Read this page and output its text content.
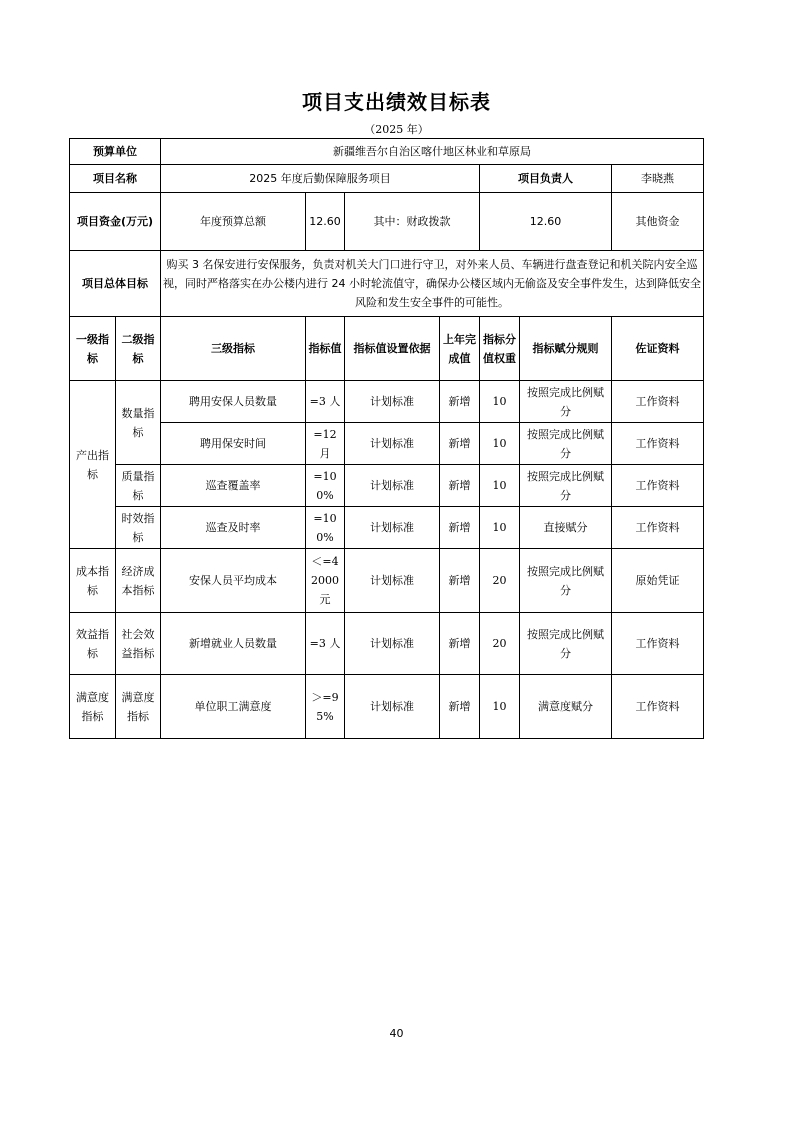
项目支出绩效目标表
（2025 年）
预算单位		新疆维吾尔自治区喀什地区林业和草原局							
项目名称		2025 年度后勤保障服务项目				项目负责人		李晓燕	
项目资金(万元)		年度预算总额	12.60	其中：财政拨款		12.60		其他资金	
项目总体目标		购买 3 名保安进行安保服务，负责对机关大门口进行守卫，对外来人员、车辆进行盘查登记和机关院内安全巡视，同时严格落实在办公楼内进行 24 小时轮流值守，确保办公楼区域内无偷盗及安全事件发生，达到降低安全风险和发生安全事件的可能性。							
一级指标	二级指标	三级指标	指标值	指标值设置依据	上年完成值	指标分值权重	指标赋分规则	佐证资料	
产出指标	数量指标	聘用安保人员数量	=3 人	计划标准	新增	10	按照完成比例赋分	工作资料	
		聘用保安时间	=12 月	计划标准	新增	10	按照完成比例赋分	工作资料	
	质量指标	巡查覆盖率	=100%	计划标准	新增	10	按照完成比例赋分	工作资料	
	时效指标	巡查及时率	=100%	计划标准	新增	10	直接赋分	工作资料	
成本指标	经济成本指标	安保人员平均成本	＜=42000 元	计划标准	新增	20	按照完成比例赋分	原始凭证	
效益指标	社会效益指标	新增就业人员数量	=3 人	计划标准	新增	20	按照完成比例赋分	工作资料	
满意度指标	满意度指标	单位职工满意度	＞=95%	计划标准	新增	10	满意度赋分	工作资料	
40
